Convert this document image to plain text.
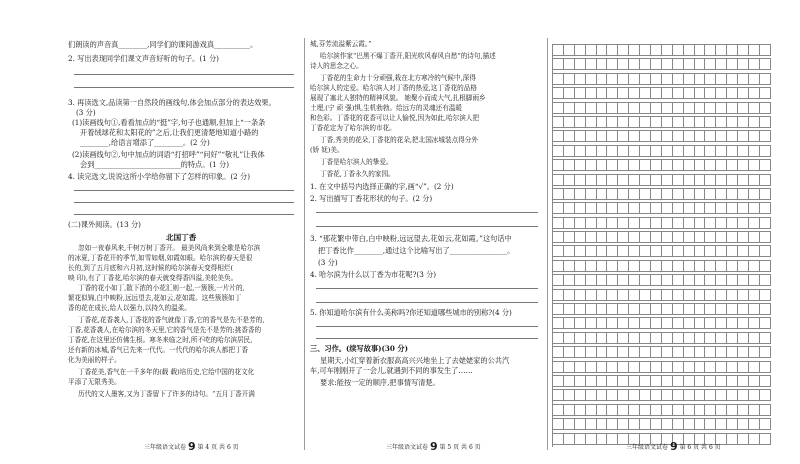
们朗读的声音真________,同学们的课间游戏真__________。
2. 写出表现同学们课文声音好听的句子。(1 分)
3. 再读选文,品读第一自然段的画线句,体会加点部分的表达效果。
(3 分)
(1)读画线句①,看看加点的“挺”字,句子也通顺,但加上“一条条
开着绒球花和太阳花的”之后,让我们更清楚地知道小路的
________,给语言增添了________。(2 分)
(2)读画线句②,句中加点的词语“打招呼”“问好”“敬礼”让我体
会到________________________的特点。(1 分)
4. 读完选文,说说这所小学给你留下了怎样的印象。(2 分)
(二)课外阅读。(13 分)
北国丁香
忽如一夜春风来,千树万树丁香开。 最美风尚来到全歌是哈尔滨
的冰夏,丁香花开的季节,如雪如烟,如霞如眼。哈尔滨的春天是很
长的,到了五月底和六月初,这时候的哈尔滨春天变得相烂(
映 印),有了丁香花,哈尔滨的春天就变得香四溢,美轮美奂。
丁香的花小如丁,散下浓的小花汇则一起,一簇簇,一片片的,
繁花似锦,白中映粉,远远望去,花如云,花如霞。这些簇簇如丁
香的花在成长,给人以强力,以持久的温柔。
丁香花,花香袭人,丁香花的香气就像丁香,它的香气是先不是芳的,
丁香,花香袭人,在哈尔滨的冬天里,它的香气是先不是芳的;挑香香的
丁香花,在这里还仿佛生根。寒冬来临之时,所不吃的哈尔滨居民,
还有新的冰城,香气已先来一代代。一代代的哈尔滨人都把丁香
化为美丽的样子。
丁香花美,香气在一千多年的(载 载)培历史,它给中国的花文化
平添了无限秀美。
历代的文人墨客,又为丁香留下了许多的诗句。“五月丁香开满
三年级语文试卷 9 第 4 页 共 6 页
城,芬芳流溢紫云霞。”
哈尔滨作家“巴黑不爆丁香开,阳光吹风春风自愁”的诗句,描述
诗人的思念之心。
丁香花的生命力十分顽强,栽在北方寒冷的气候中,深得
哈尔滨人的定爱。哈尔滨人对丁香的热爱,这丁香花的品格
展现了塞北人独特的精神风貌。 她聚小而成大气,扎根脚雨乡
土埋,(宁 顽 强)惧,生机勃勃。给远方的灵魂还有温暖
和色彩。丁香花的花香可以让人愉悦,因为如此,哈尔滨人把
丁香花定为了哈尔滨的市花。
丁香,秀美的花朵,丁香花的花朵,把北国冰城装点得分外
(娇 妩)美。
丁香是哈尔滨人的挚爱。
丁香花,丁香永久的家园。
1. 在文中括号内选择正确的字,画“√”。(2 分)
2. 写出描写丁香花形状的句子。(2 分)
3. “那花繁中带白,白中映粉,远远望去,花如云,花如霞。”这句话中
把丁香比作________,通过这个比喻写出了________________。
(3 分)
4. 哈尔滨为什么以丁香为市花呢?(3 分)
5. 你知道哈尔滨有什么美称吗?你还知道哪些城市的别称?(4 分)
三、习作。(续写故事)(30 分)
星期天,小红穿着新衣服高高兴兴地坐上了去姥姥家的公共汽
车,可车刚刚开了一会儿,就遇到不同的事发生了……
要求:能按一定的顺序,把事情写清楚。
三年级语文试卷 9 第 5 页 共 6 页	三年级语文试卷 9 第 6 页 共 6 页
